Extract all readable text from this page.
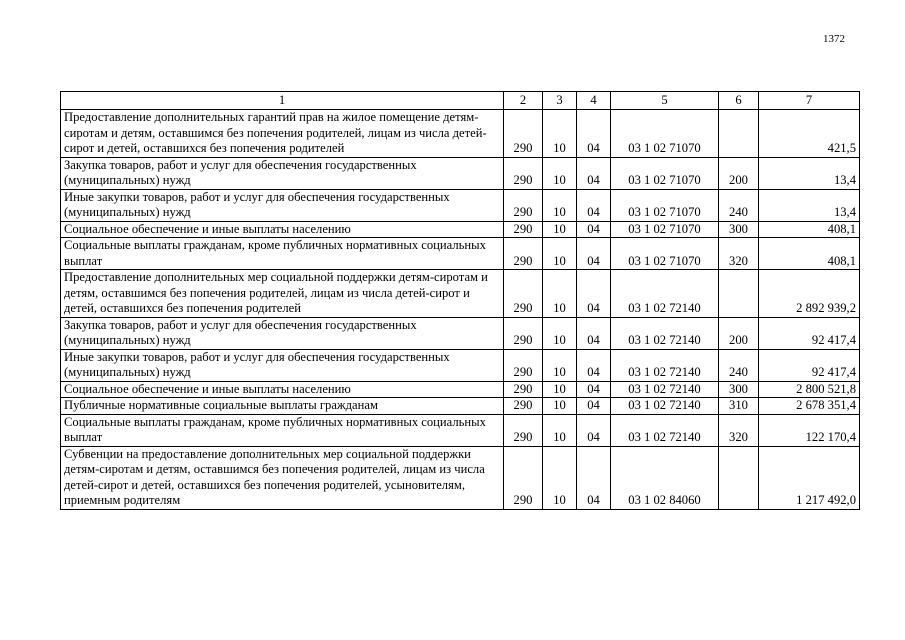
1372
1	2	3	4	5	6	7
Предоставление дополнительных гарантий прав на жилое помещение детям-сиротам и детям, оставшимся без попечения родителей, лицам из числа детей-сирот и детей, оставшихся без попечения родителей	290	10	04	03 1 02 71070		421,5
Закупка товаров, работ и услуг для обеспечения государственных (муниципальных) нужд	290	10	04	03 1 02 71070	200	13,4
Иные закупки товаров, работ и услуг для обеспечения государственных (муниципальных) нужд	290	10	04	03 1 02 71070	240	13,4
Социальное обеспечение и иные выплаты населению	290	10	04	03 1 02 71070	300	408,1
Социальные выплаты гражданам, кроме публичных нормативных социальных выплат	290	10	04	03 1 02 71070	320	408,1
Предоставление дополнительных мер социальной поддержки детям-сиротам и детям, оставшимся без попечения родителей, лицам из числа детей-сирот и детей, оставшихся без попечения родителей	290	10	04	03 1 02 72140		2 892 939,2
Закупка товаров, работ и услуг для обеспечения государственных (муниципальных) нужд	290	10	04	03 1 02 72140	200	92 417,4
Иные закупки товаров, работ и услуг для обеспечения государственных (муниципальных) нужд	290	10	04	03 1 02 72140	240	92 417,4
Социальное обеспечение и иные выплаты населению	290	10	04	03 1 02 72140	300	2 800 521,8
Публичные нормативные социальные выплаты гражданам	290	10	04	03 1 02 72140	310	2 678 351,4
Социальные выплаты гражданам, кроме публичных нормативных социальных выплат	290	10	04	03 1 02 72140	320	122 170,4
Субвенции на предоставление дополнительных мер социальной поддержки детям-сиротам и детям, оставшимся без попечения родителей, лицам из числа детей-сирот и детей, оставшихся без попечения родителей, усыновителям, приемным родителям	290	10	04	03 1 02 84060		1 217 492,0
